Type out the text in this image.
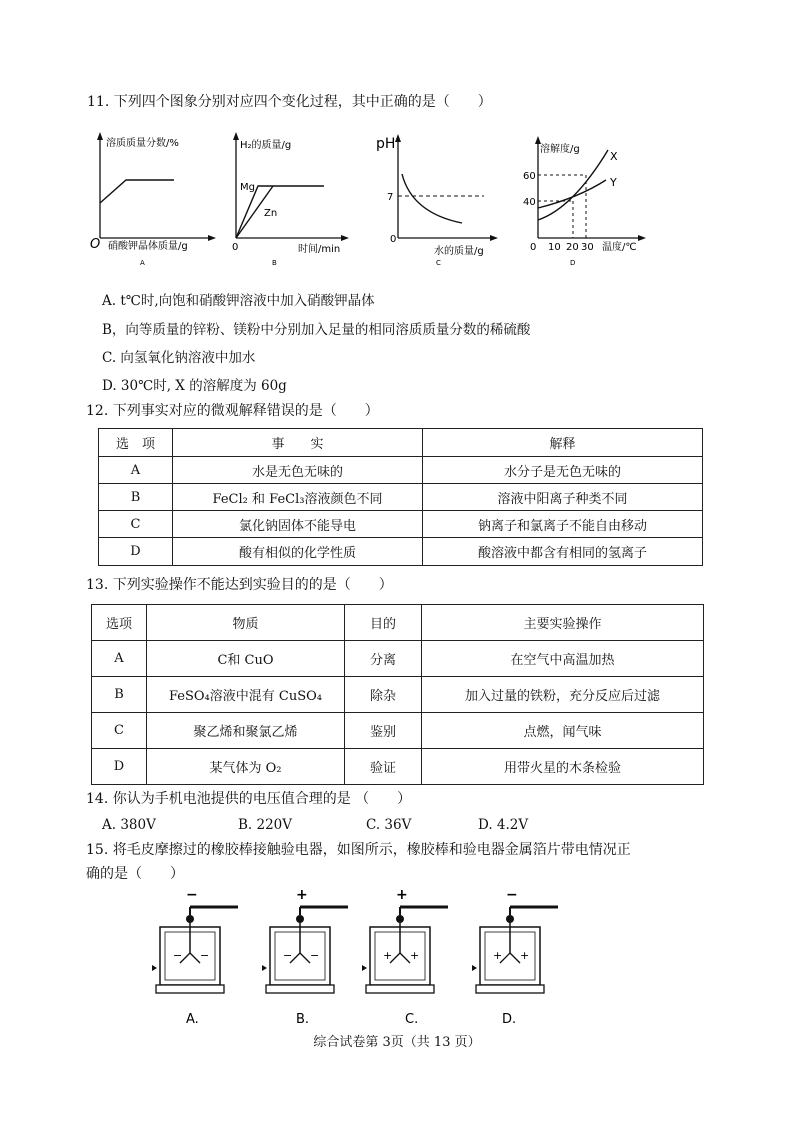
11. 下列四个图象分别对应四个变化过程，其中正确的是（　　）
溶质质量分数/%
O 硝酸钾晶体质量/g
A
H₂的质量/g
Mg
Zn
0	时间/min
B
pH
7
0
水的质量/g
C
溶解度/g
X
Y
60
40
0 10 20 30 温度/℃
D
A. t℃时,向饱和硝酸钾溶液中加入硝酸钾晶体
B，向等质量的锌粉、镁粉中分别加入足量的相同溶质质量分数的稀硫酸
C. 向氢氧化钠溶液中加水
D. 30℃时, X 的溶解度为 60g
12. 下列事实对应的微观解释错误的是（　　）
选　项	事　　实	解释
A	水是无色无味的	水分子是无色无味的
B	FeCl₂ 和 FeCl₃溶液颜色不同	溶液中阳离子种类不同
C	氯化钠固体不能导电	钠离子和氯离子不能自由移动
D	酸有相似的化学性质	酸溶液中都含有相同的氢离子
13. 下列实验操作不能达到实验目的的是（　　）
选项	物质	目的	主要实验操作
A	C和 CuO	分离	在空气中高温加热
B	FeSO₄溶液中混有 CuSO₄	除杂	加入过量的铁粉，充分反应后过滤
C	聚乙烯和聚氯乙烯	鉴别	点燃，闻气味
D	某气体为 O₂	验证	用带火星的木条检验
14. 你认为手机电池提供的电压值合理的是 （　　）
A. 380V	B. 220V	C. 36V	D. 4.2V
15. 将毛皮摩擦过的橡胶棒接触验电器，如图所示，橡胶棒和验电器金属箔片带电情况正
确的是（　　）
−
− −
+
− −
+
+ +
−
+ +
A.	B.	C.	D.
综合试卷第 3页（共 13 页）
